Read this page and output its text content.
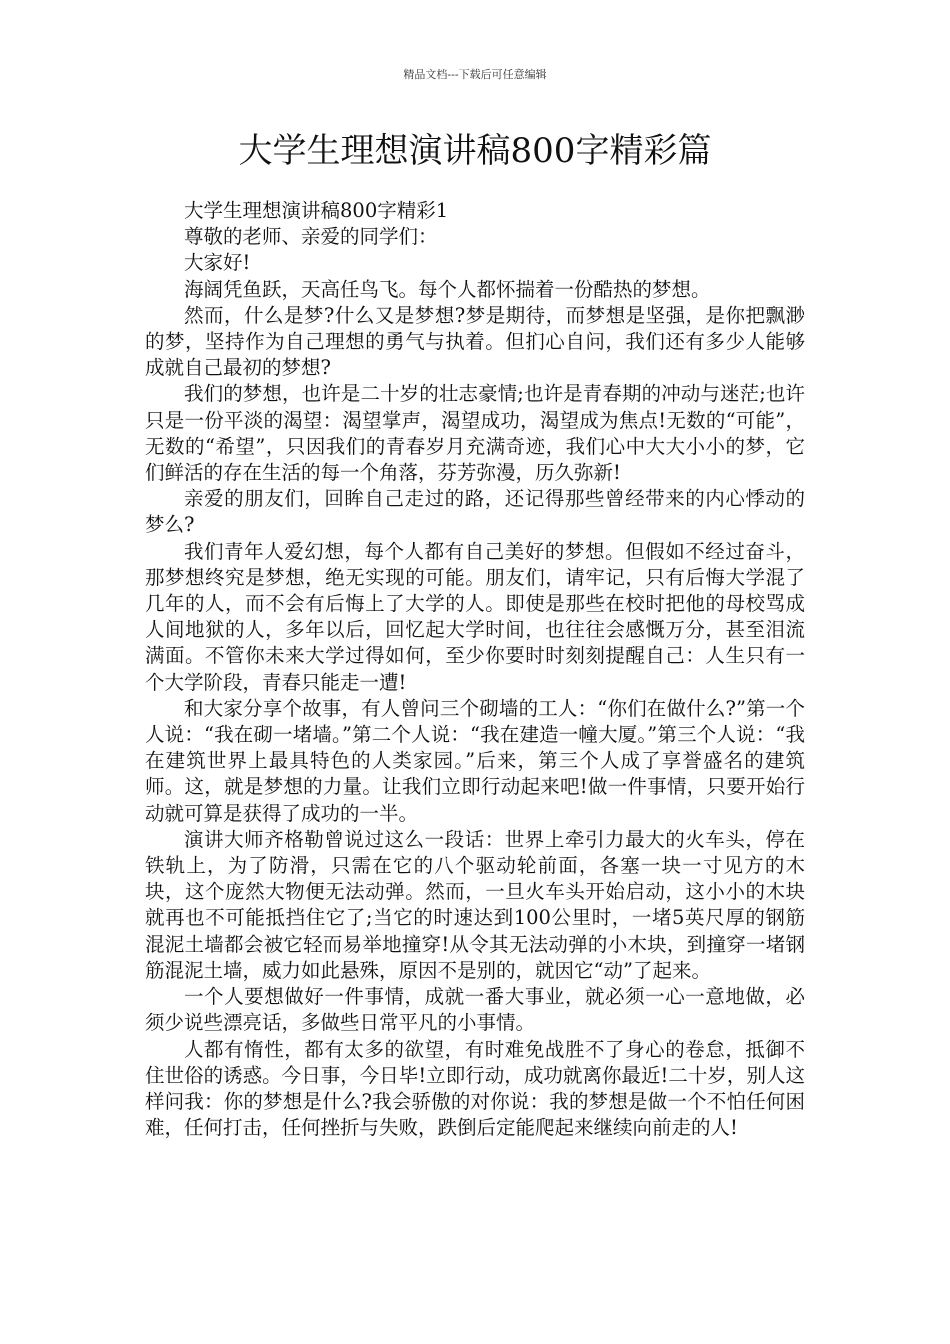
精品文档---下载后可任意编辑
大学生理想演讲稿800字精彩篇

大学生理想演讲稿800字精彩1

尊敬的老师、亲爱的同学们：

大家好!

海阔凭鱼跃，天高任鸟飞。每个人都怀揣着一份酷热的梦想。

然而，什么是梦?什么又是梦想?梦是期待，而梦想是坚强，是你把飘渺的梦，坚持作为自己理想的勇气与执着。但扪心自问，我们还有多少人能够成就自己最初的梦想?

我们的梦想，也许是二十岁的壮志豪情;也许是青春期的冲动与迷茫;也许只是一份平淡的渴望：渴望掌声，渴望成功，渴望成为焦点!无数的“可能”，无数的“希望”，只因我们的青春岁月充满奇迹，我们心中大大小小的梦，它们鲜活的存在生活的每一个角落，芬芳弥漫，历久弥新!

亲爱的朋友们，回眸自己走过的路，还记得那些曾经带来的内心悸动的梦么?

我们青年人爱幻想，每个人都有自己美好的梦想。但假如不经过奋斗，那梦想终究是梦想，绝无实现的可能。朋友们，请牢记，只有后悔大学混了几年的人，而不会有后悔上了大学的人。即使是那些在校时把他的母校骂成人间地狱的人，多年以后，回忆起大学时间，也往往会感慨万分，甚至泪流满面。不管你未来大学过得如何，至少你要时时刻刻提醒自己：人生只有一个大学阶段，青春只能走一遭!

和大家分享个故事，有人曾问三个砌墙的工人：“你们在做什么?”第一个人说：“我在砌一堵墙。”第二个人说：“我在建造一幢大厦。”第三个人说：“我在建筑世界上最具特色的人类家园。”后来，第三个人成了享誉盛名的建筑师。这，就是梦想的力量。让我们立即行动起来吧!做一件事情，只要开始行动就可算是获得了成功的一半。

演讲大师齐格勒曾说过这么一段话：世界上牵引力最大的火车头，停在铁轨上，为了防滑，只需在它的八个驱动轮前面，各塞一块一寸见方的木块，这个庞然大物便无法动弹。然而，一旦火车头开始启动，这小小的木块就再也不可能抵挡住它了;当它的时速达到100公里时，一堵5英尺厚的钢筋混泥土墙都会被它轻而易举地撞穿!从令其无法动弹的小木块，到撞穿一堵钢筋混泥土墙，威力如此悬殊，原因不是别的，就因它“动”了起来。

一个人要想做好一件事情，成就一番大事业，就必须一心一意地做，必须少说些漂亮话，多做些日常平凡的小事情。

人都有惰性，都有太多的欲望，有时难免战胜不了身心的卷怠，抵御不住世俗的诱惑。今日事，今日毕!立即行动，成功就离你最近!二十岁，别人这样问我：你的梦想是什么?我会骄傲的对你说：我的梦想是做一个不怕任何困难，任何打击，任何挫折与失败，跌倒后定能爬起来继续向前走的人!
